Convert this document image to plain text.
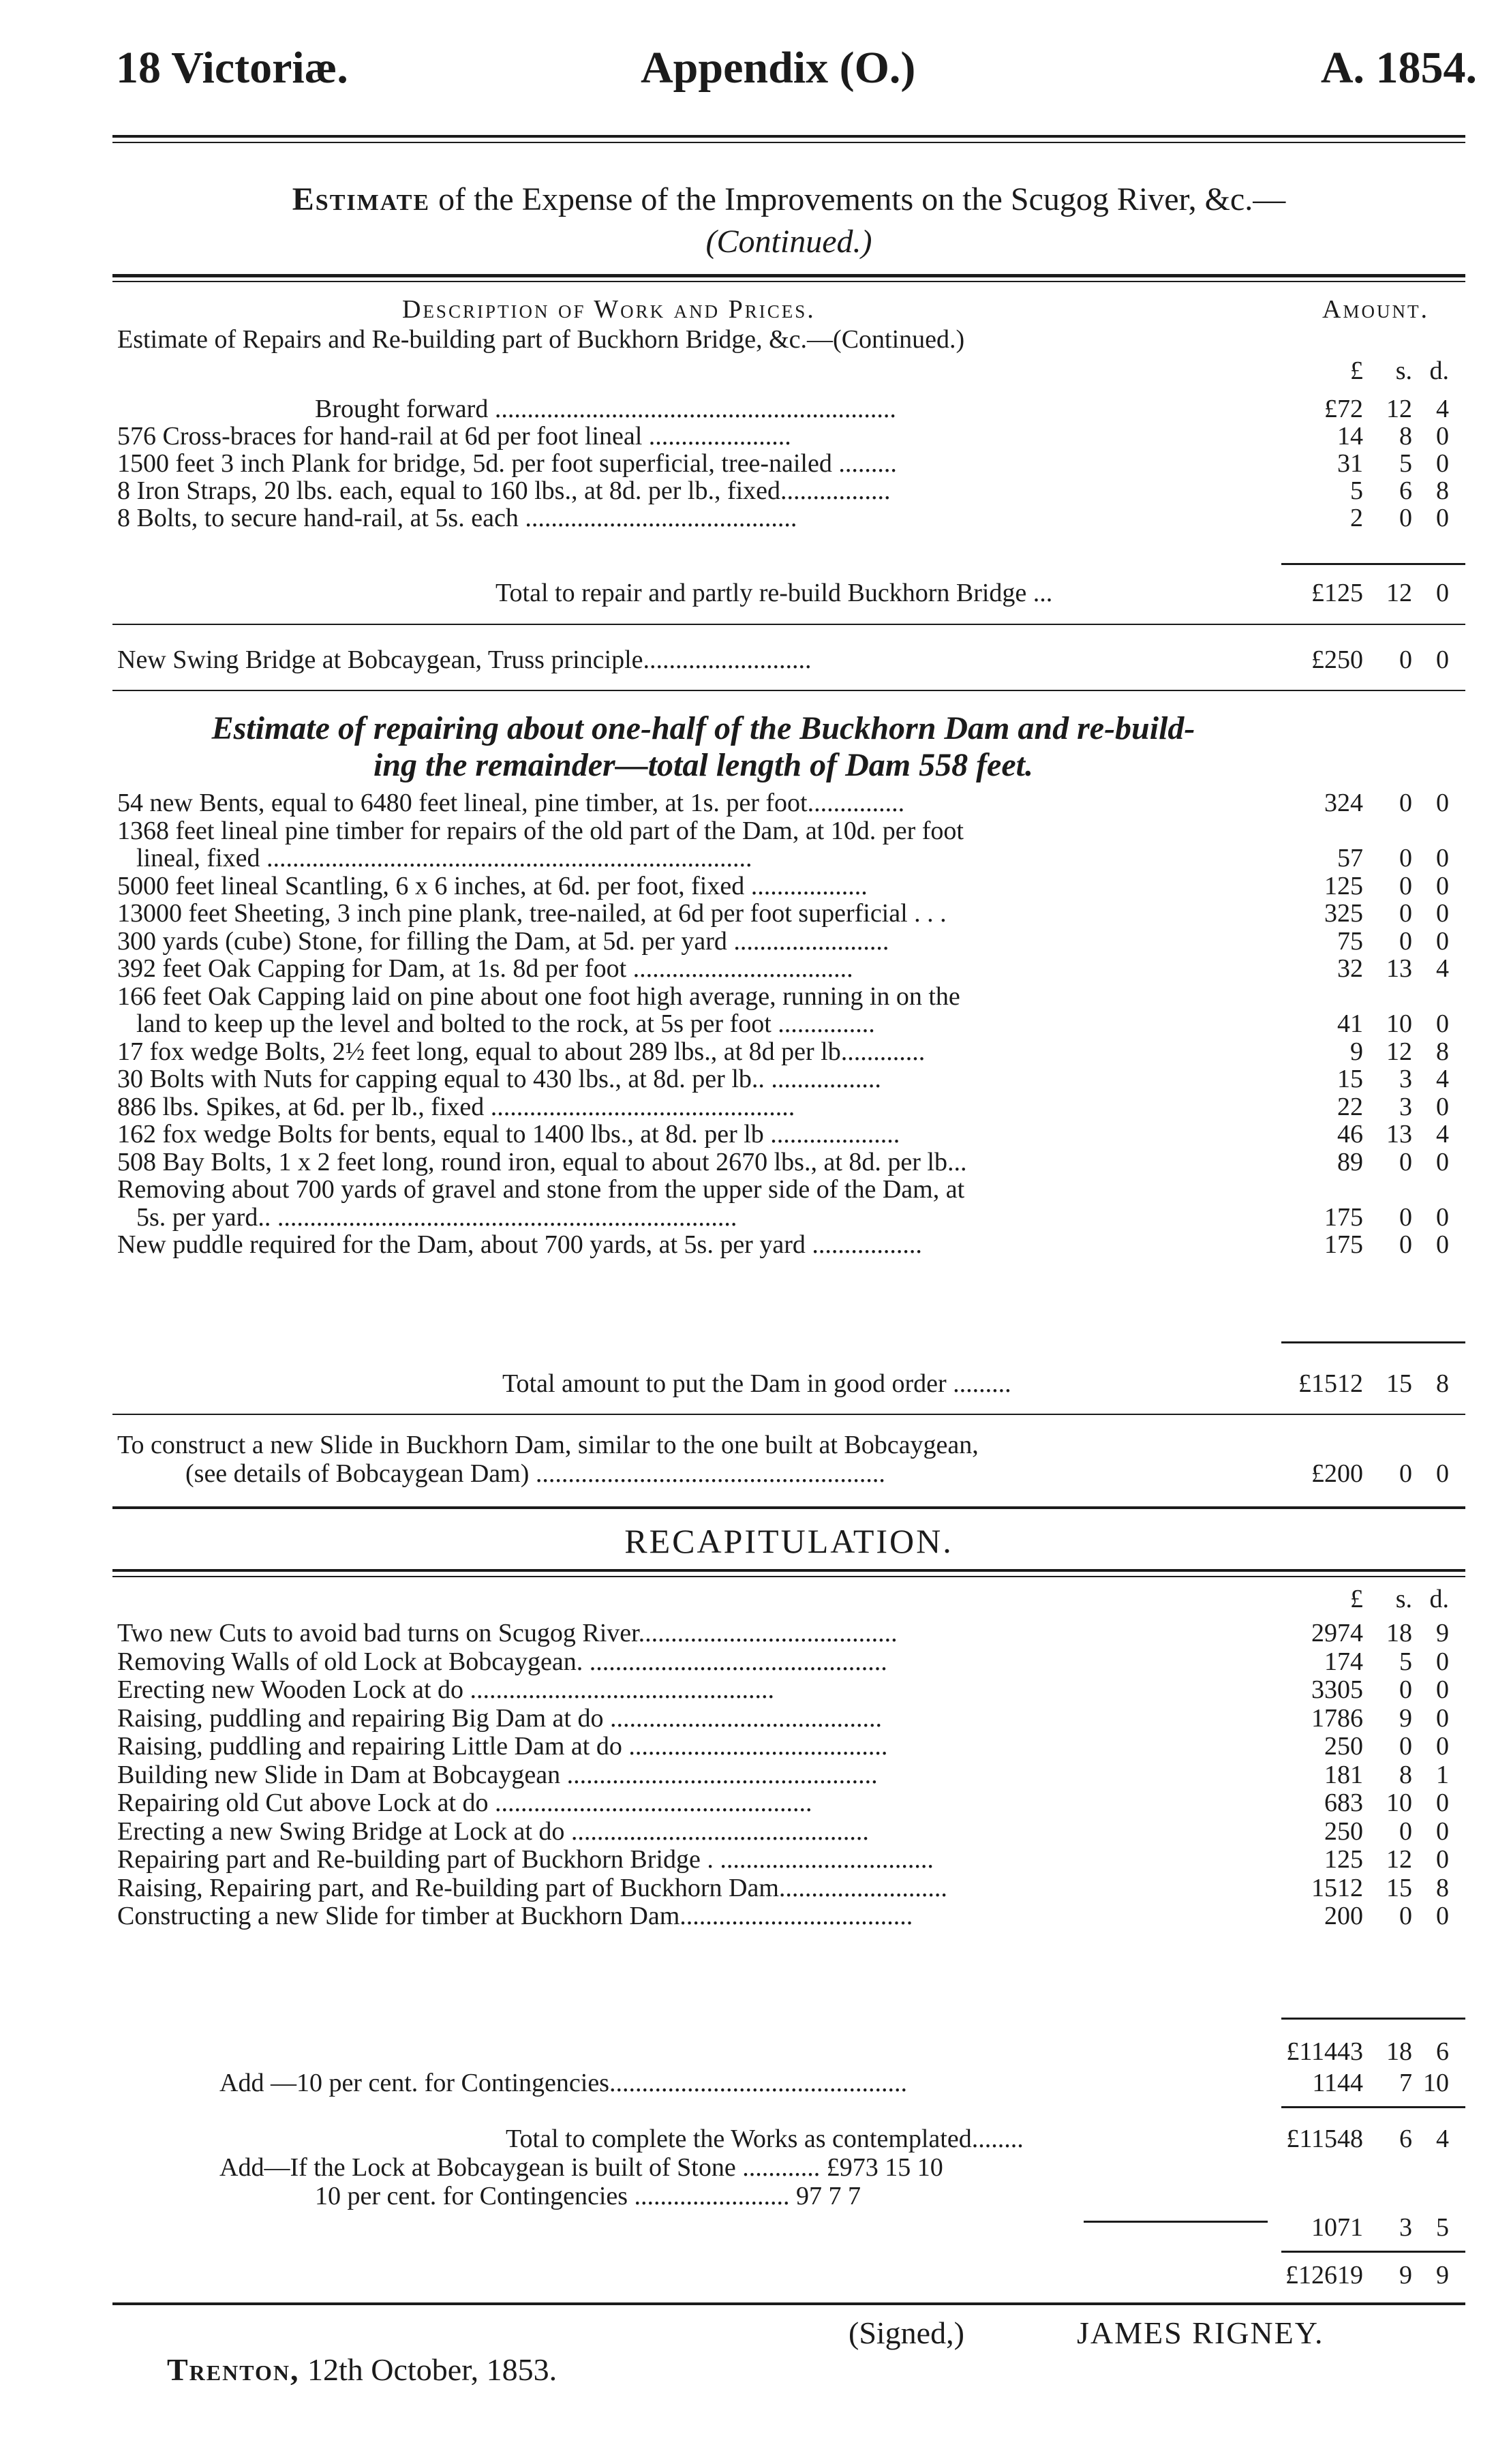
18 Victoriæ.	Appendix (O.)	A. 1854.
Estimate of the Expense of the Improvements on the Scugog River, &c.—
(Continued.)
Description of Work and Prices.	Amount.
Estimate of Repairs and Re-building part of Buckhorn Bridge, &c.—(Continued.)
£	s. d.
Brought forward ..............................................................	£72 12 4
576 Cross-braces for hand-rail at 6d per foot lineal ......................	14	8 0
1500 feet 3 inch Plank for bridge, 5d. per foot superficial, tree-nailed .........	31	5 0
8 Iron Straps, 20 lbs. each, equal to 160 lbs., at 8d. per lb., fixed.................	5	6 8
8 Bolts, to secure hand-rail, at 5s. each ..........................................	2	0 0
Total to repair and partly re-build Buckhorn Bridge ...	£125 12 0
New Swing Bridge at Bobcaygean, Truss principle..........................	£250	0 0
Estimate of repairing about one-half of the Buckhorn Dam and re-build-
ing the remainder—total length of Dam 558 feet.
54 new Bents, equal to 6480 feet lineal, pine timber, at 1s. per foot...............	324	0 0
1368 feet lineal pine timber for repairs of the old part of the Dam, at 10d. per foot
lineal, fixed ...........................................................................	57	0 0
5000 feet lineal Scantling, 6 x 6 inches, at 6d. per foot, fixed ..................	125	0 0
13000 feet Sheeting, 3 inch pine plank, tree-nailed, at 6d per foot superficial . . .	325	0 0
300 yards (cube) Stone, for filling the Dam, at 5d. per yard ........................	75	0 0
392 feet Oak Capping for Dam, at 1s. 8d per foot ..................................	32 13 4
166 feet Oak Capping laid on pine about one foot high average, running in on the
land to keep up the level and bolted to the rock, at 5s per foot ...............	41 10 0
17 fox wedge Bolts, 2½ feet long, equal to about 289 lbs., at 8d per lb.............	9 12 8
30 Bolts with Nuts for capping equal to 430 lbs., at 8d. per lb.. .................	15	3 4
886 lbs. Spikes, at 6d. per lb., fixed ...............................................	22	3 0
162 fox wedge Bolts for bents, equal to 1400 lbs., at 8d. per lb ....................	46 13 4
508 Bay Bolts, 1 x 2 feet long, round iron, equal to about 2670 lbs., at 8d. per lb...	89	0 0
Removing about 700 yards of gravel and stone from the upper side of the Dam, at
5s. per yard.. .......................................................................	175	0 0
New puddle required for the Dam, about 700 yards, at 5s. per yard .................	175	0 0
Total amount to put the Dam in good order .........	£1512 15 8
To construct a new Slide in Buckhorn Dam, similar to the one built at Bobcaygean,
(see details of Bobcaygean Dam) ......................................................	£200	0 0
RECAPITULATION.
£	s. d.
Two new Cuts to avoid bad turns on Scugog River........................................	2974 18 9
Removing Walls of old Lock at Bobcaygean. ..............................................	174	5 0
Erecting new Wooden Lock at do ...............................................	3305	0 0
Raising, puddling and repairing Big Dam at do ..........................................	1786	9 0
Raising, puddling and repairing Little Dam at do ........................................	250	0 0
Building new Slide in Dam at Bobcaygean ................................................	181	8 1
Repairing old Cut above Lock at do .................................................	683 10 0
Erecting a new Swing Bridge at Lock at do ..............................................	250	0 0
Repairing part and Re-building part of Buckhorn Bridge . .................................	125 12 0
Raising, Repairing part, and Re-building part of Buckhorn Dam..........................	1512 15 8
Constructing a new Slide for timber at Buckhorn Dam....................................	200	0 0
£11443 18 6
Add —10 per cent. for Contingencies..............................................	1144	7 10
Total to complete the Works as contemplated........	£11548	6 4
Add—If the Lock at Bobcaygean is built of Stone ............ £973 15 10
10 per cent. for Contingencies ........................ 97 7 7
1071	3 5
£12619	9 9
(Signed,)	JAMES RIGNEY.
Trenton, 12th October, 1853.
